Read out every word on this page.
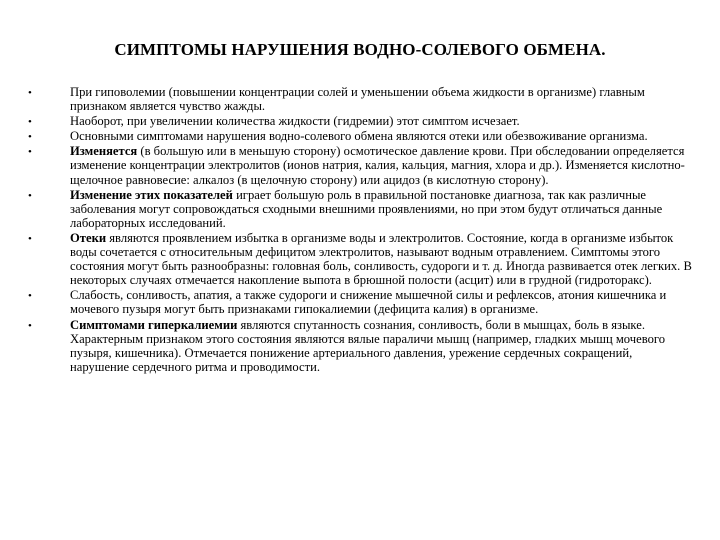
СИМПТОМЫ НАРУШЕНИЯ ВОДНО-СОЛЕВОГО ОБМЕНА.
•	При гиповолемии (повышении концентрации солей и уменьшении объема жидкости в организме) главным признаком является чувство жажды.
•	Наоборот, при увеличении количества жидкости (гидремии) этот симптом исчезает.
•	Основными симптомами нарушения водно-солевого обмена являются отеки или обезвоживание организма.
•	Изменяется (в большую или в меньшую сторону) осмотическое давление крови. При обследовании определяется изменение концентрации электролитов (ионов натрия, калия, кальция, магния, хлора и др.). Изменяется кислотно-щелочное равновесие: алкалоз (в щелочную сторону) или ацидоз (в кислотную сторону).
•	Изменение этих показателей играет большую роль в правильной постановке диагноза, так как различные заболевания могут сопровождаться сходными внешними проявлениями, но при этом будут отличаться данные лабораторных исследований.
•	Отеки являются проявлением избытка в организме воды и электролитов. Состояние, когда в организме избыток воды сочетается с относительным дефицитом электролитов, называют водным отравлением. Симптомы этого состояния могут быть разнообразны: головная боль, сонливость, судороги и т. д. Иногда развивается отек легких. В некоторых случаях отмечается накопление выпота в брюшной полости (асцит) или в грудной (гидроторакс).
•	Слабость, сонливость, апатия, а также судороги и снижение мышечной силы и рефлексов, атония кишечника и мочевого пузыря могут быть признаками гипокалиемии (дефицита калия) в организме.
•	Симптомами гиперкалиемии являются спутанность сознания, сонливость, боли в мышцах, боль в языке. Характерным признаком этого состояния являются вялые параличи мышц (например, гладких мышц мочевого пузыря, кишечника). Отмечается понижение артериального давления, урежение сердечных сокращений, нарушение сердечного ритма и проводимости.
